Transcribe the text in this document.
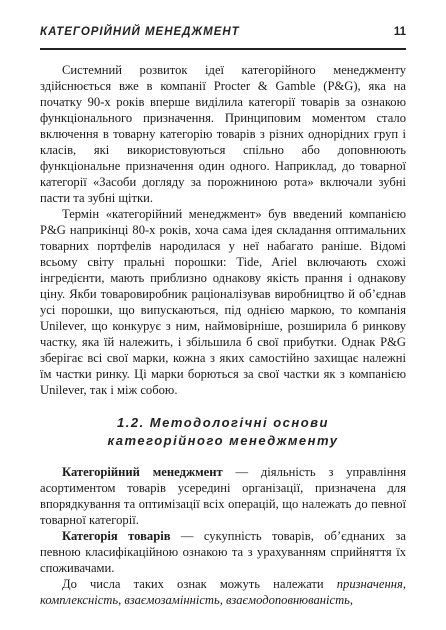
КАТЕГОРІЙНИЙ МЕНЕДЖМЕНТ	11

Системний розвиток ідеї категорійного менеджменту здійснюється вже в компанії Procter & Gamble (P&G), яка на початку 90-х років вперше виділила категорії товарів за ознакою функціонального призначення. Принциповим моментом стало включення в товарну категорію товарів з різних однорідних груп і класів, які використовуються спільно або доповнюють функціональне призначення один одного. Наприклад, до товарної категорії «Засоби догляду за порожниною рота» включали зубні пасти та зубні щітки.

Термін «категорійний менеджмент» був введений компанією P&G наприкінці 80-х років, хоча сама ідея складання оптимальних товарних портфелів народилася у неї набагато раніше. Відомі всьому світу пральні порошки: Tide, Ariel включають схожі інгредієнти, мають приблизно однакову якість прання і однакову ціну. Якби товаровиробник раціоналізував виробництво й об’єднав усі порошки, що випускаються, під однією маркою, то компанія Unilever, що конкурує з ним, наймовірніше, розширила б ринкову частку, яка їй належить, і збільшила б свої прибутки. Однак P&G зберігає всі свої марки, кожна з яких самостійно захищає належні їм частки ринку. Ці марки борються за свої частки як з компанією Unilever, так і між собою.

1.2. Методологічні основи
категорійного менеджменту

Категорійний менеджмент — діяльність з управління асортиментом товарів усередині організації, призначена для впорядкування та оптимізації всіх операцій, що належать до певної товарної категорії.

Категорія товарів — сукупність товарів, об’єднаних за певною класифікаційною ознакою та з урахуванням сприйняття їх споживачами.

До числа таких ознак можуть належати призначення, комплексність, взаємозамінність, взаємодоповнюваність,
